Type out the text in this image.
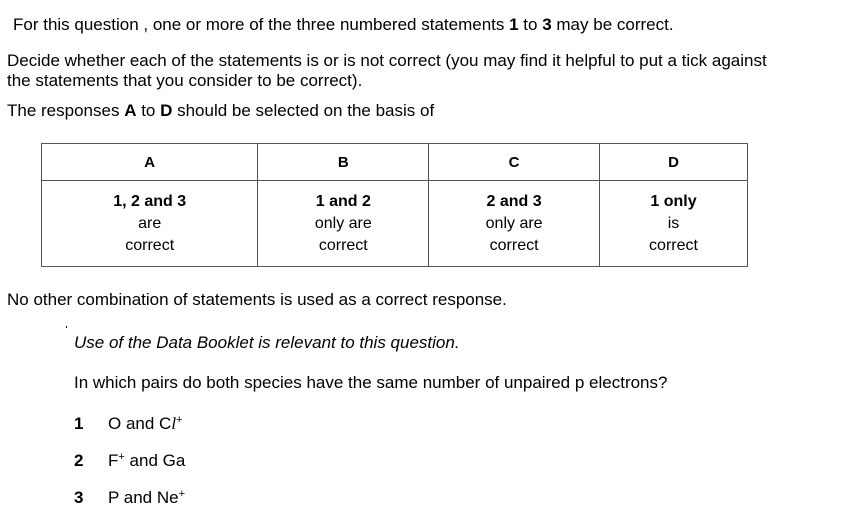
For this question , one or more of the three numbered statements 1 to 3 may be correct.
Decide whether each of the statements is or is not correct (you may find it helpful to put a tick against
the statements that you consider to be correct).
The responses A to D should be selected on the basis of
A	B	C	D

1, 2 and 3
are
correct	1 and 2
only are
correct	2 and 3
only are
correct	1 only
is
correct
No other combination of statements is used as a correct response.
Use of the Data Booklet is relevant to this question.
In which pairs do both species have the same number of unpaired p electrons?
1 O and Cl+
2 F+ and Ga
3 P and Ne+
